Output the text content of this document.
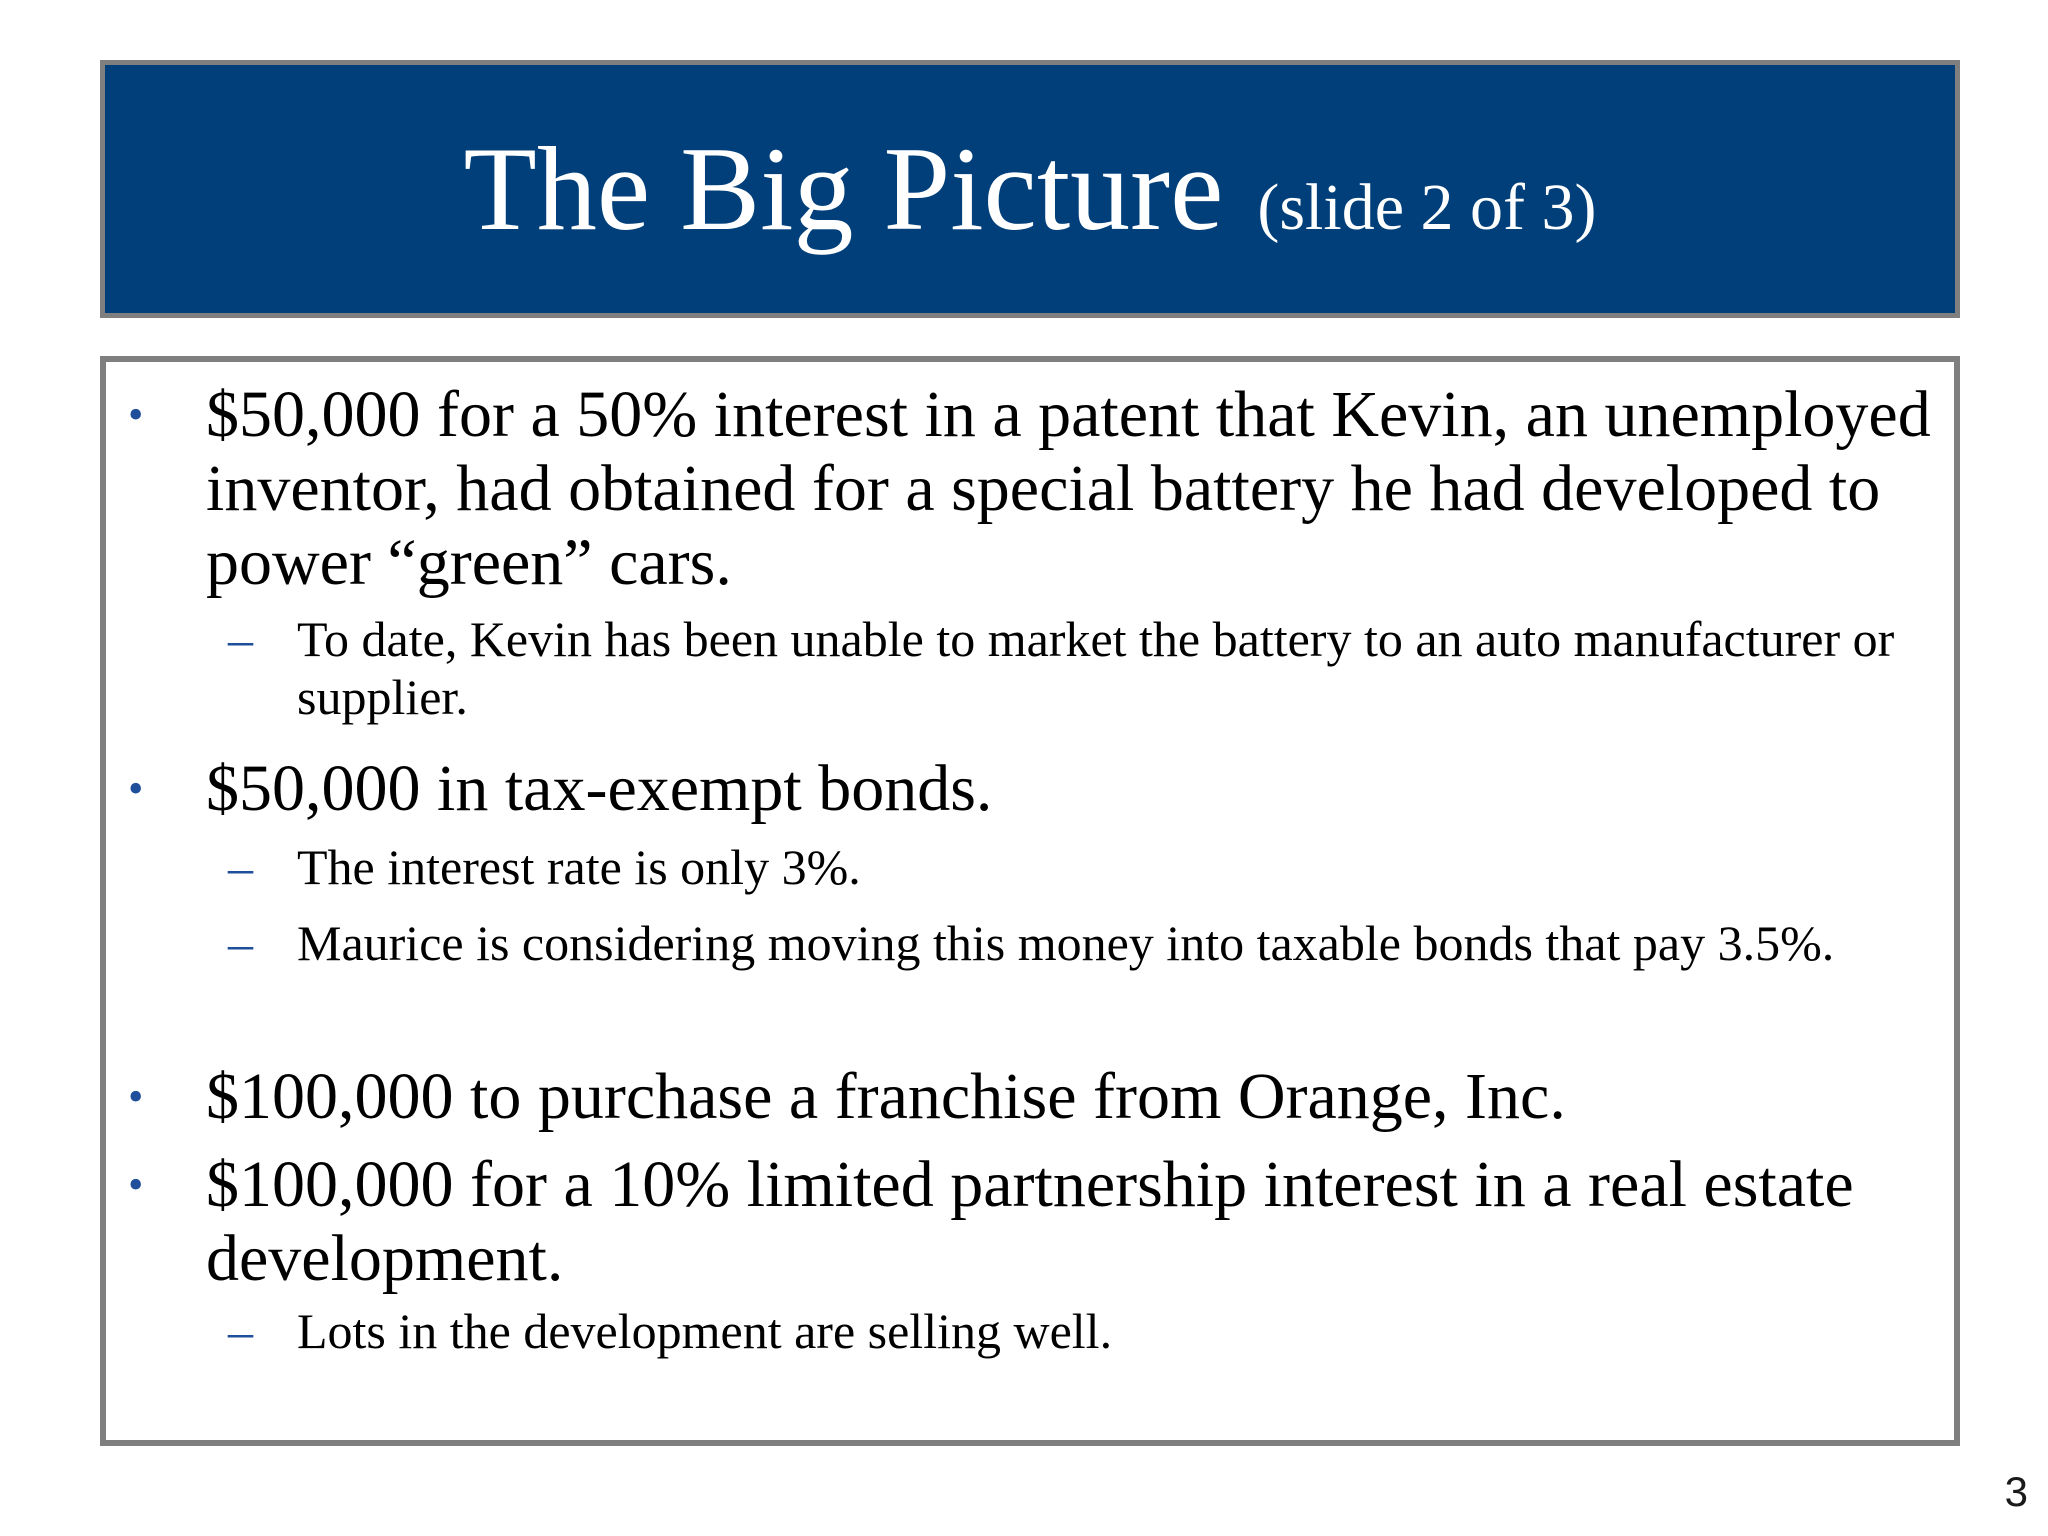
The Big Picture (slide 2 of 3)
• $50,000 for a 50% interest in a patent that Kevin, an unemployed inventor, had obtained for a special battery he had developed to power “green” cars.
– To date, Kevin has been unable to market the battery to an auto manufacturer or supplier.
• $50,000 in tax-exempt bonds.
– The interest rate is only 3%.
– Maurice is considering moving this money into taxable bonds that pay 3.5%.
• $100,000 to purchase a franchise from Orange, Inc.
• $100,000 for a 10% limited partnership interest in a real estate development.
– Lots in the development are selling well.
3
